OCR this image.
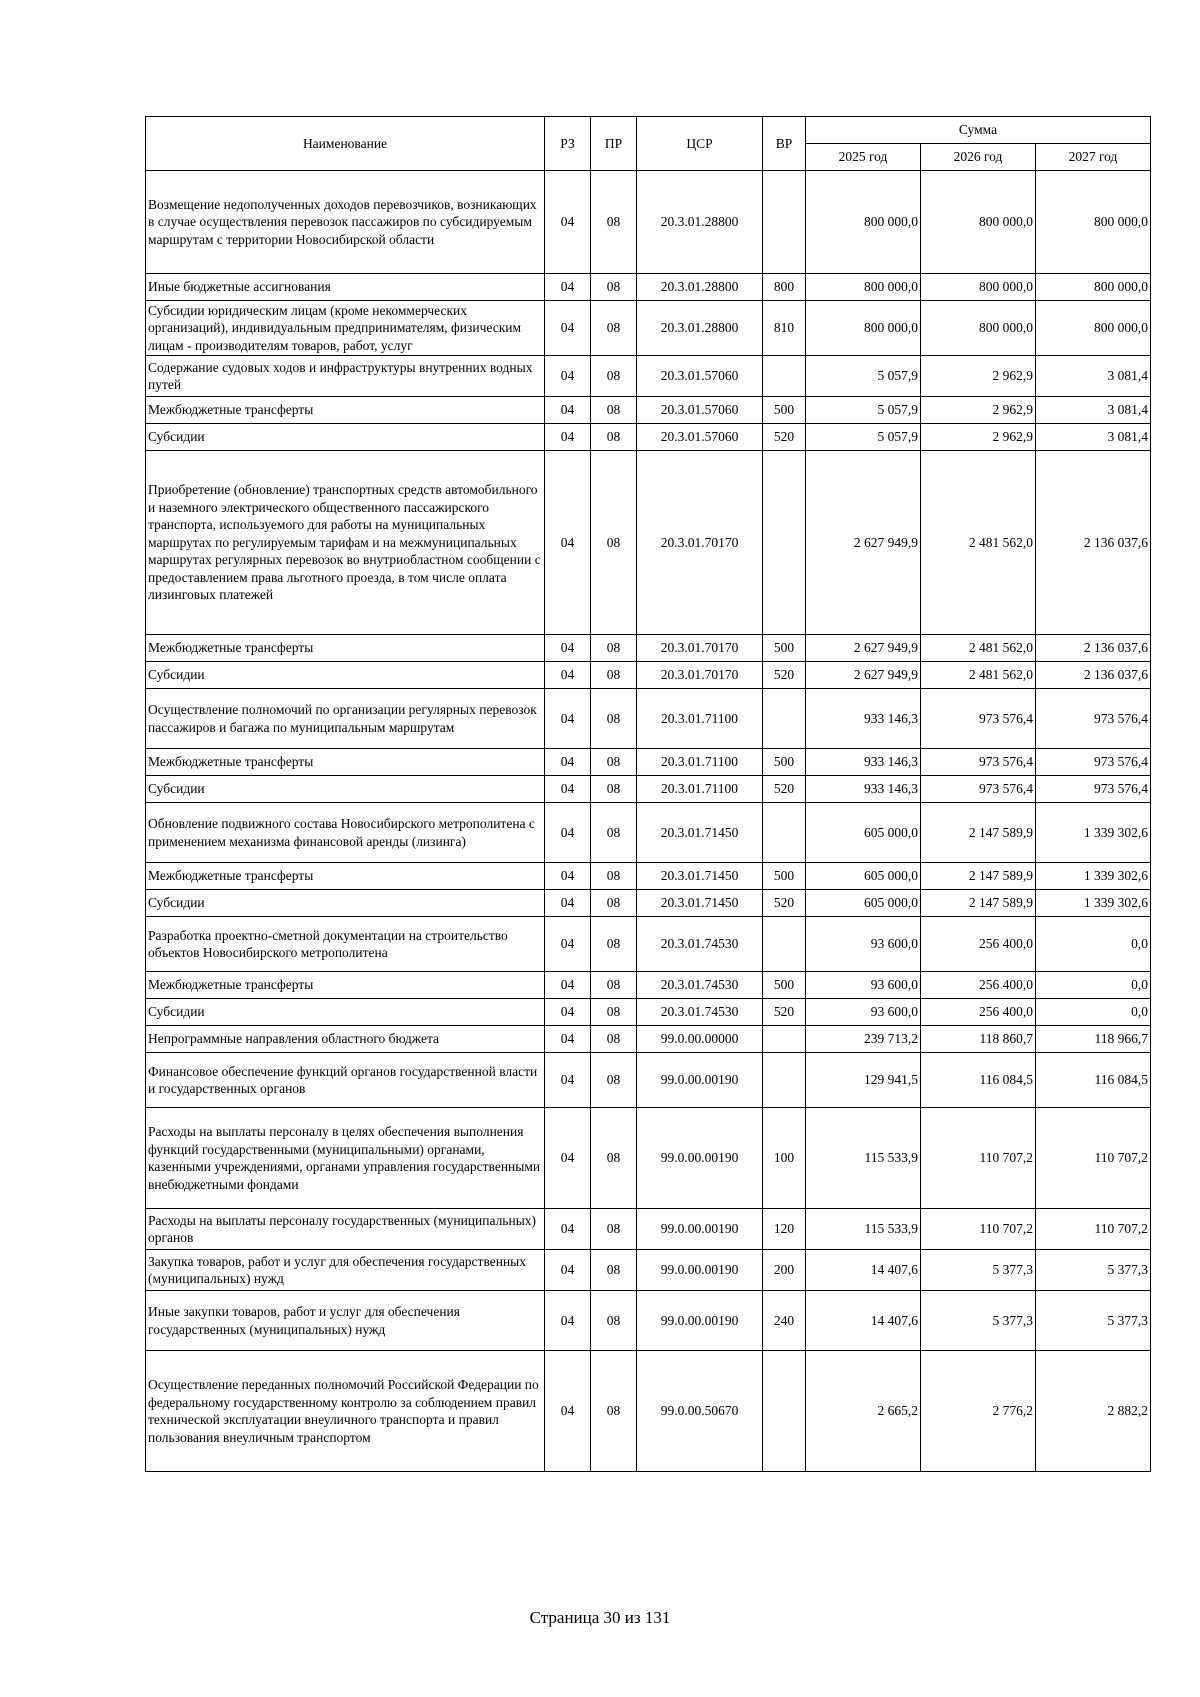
Наименование	РЗ	ПР	ЦСР	ВР	Сумма		
					2025 год	2026 год	2027 год
Возмещение недополученных доходов перевозчиков, возникающих в случае осуществления перевозок пассажиров по субсидируемым маршрутам с территории Новосибирской области	04	08	20.3.01.28800		800 000,0	800 000,0	800 000,0
Иные бюджетные ассигнования	04	08	20.3.01.28800	800	800 000,0	800 000,0	800 000,0
Субсидии юридическим лицам (кроме некоммерческих организаций), индивидуальным предпринимателям, физическим лицам - производителям товаров, работ, услуг	04	08	20.3.01.28800	810	800 000,0	800 000,0	800 000,0
Содержание судовых ходов и инфраструктуры внутренних водных путей	04	08	20.3.01.57060		5 057,9	2 962,9	3 081,4
Межбюджетные трансферты	04	08	20.3.01.57060	500	5 057,9	2 962,9	3 081,4
Субсидии	04	08	20.3.01.57060	520	5 057,9	2 962,9	3 081,4
Приобретение (обновление) транспортных средств автомобильного и наземного электрического общественного пассажирского транспорта, используемого для работы на муниципальных маршрутах по регулируемым тарифам и на межмуниципальных маршрутах регулярных перевозок во внутриобластном сообщении с предоставлением права льготного проезда, в том числе оплата лизинговых платежей	04	08	20.3.01.70170		2 627 949,9	2 481 562,0	2 136 037,6
Межбюджетные трансферты	04	08	20.3.01.70170	500	2 627 949,9	2 481 562,0	2 136 037,6
Субсидии	04	08	20.3.01.70170	520	2 627 949,9	2 481 562,0	2 136 037,6
Осуществление полномочий по организации регулярных перевозок пассажиров и багажа по муниципальным маршрутам	04	08	20.3.01.71100		933 146,3	973 576,4	973 576,4
Межбюджетные трансферты	04	08	20.3.01.71100	500	933 146,3	973 576,4	973 576,4
Субсидии	04	08	20.3.01.71100	520	933 146,3	973 576,4	973 576,4
Обновление подвижного состава Новосибирского метрополитена с применением механизма финансовой аренды (лизинга)	04	08	20.3.01.71450		605 000,0	2 147 589,9	1 339 302,6
Межбюджетные трансферты	04	08	20.3.01.71450	500	605 000,0	2 147 589,9	1 339 302,6
Субсидии	04	08	20.3.01.71450	520	605 000,0	2 147 589,9	1 339 302,6
Разработка проектно-сметной документации на строительство объектов Новосибирского метрополитена	04	08	20.3.01.74530		93 600,0	256 400,0	0,0
Межбюджетные трансферты	04	08	20.3.01.74530	500	93 600,0	256 400,0	0,0
Субсидии	04	08	20.3.01.74530	520	93 600,0	256 400,0	0,0
Непрограммные направления областного бюджета	04	08	99.0.00.00000		239 713,2	118 860,7	118 966,7
Финансовое обеспечение функций органов государственной власти и государственных органов	04	08	99.0.00.00190		129 941,5	116 084,5	116 084,5
Расходы на выплаты персоналу в целях обеспечения выполнения функций государственными (муниципальными) органами, казенными учреждениями, органами управления государственными внебюджетными фондами	04	08	99.0.00.00190	100	115 533,9	110 707,2	110 707,2
Расходы на выплаты персоналу государственных (муниципальных) органов	04	08	99.0.00.00190	120	115 533,9	110 707,2	110 707,2
Закупка товаров, работ и услуг для обеспечения государственных (муниципальных) нужд	04	08	99.0.00.00190	200	14 407,6	5 377,3	5 377,3
Иные закупки товаров, работ и услуг для обеспечения государственных (муниципальных) нужд	04	08	99.0.00.00190	240	14 407,6	5 377,3	5 377,3
Осуществление переданных полномочий Российской Федерации по федеральному государственному контролю за соблюдением правил технической эксплуатации внеуличного транспорта и правил пользования внеуличным транспортом	04	08	99.0.00.50670		2 665,2	2 776,2	2 882,2
Страница 30 из 131
